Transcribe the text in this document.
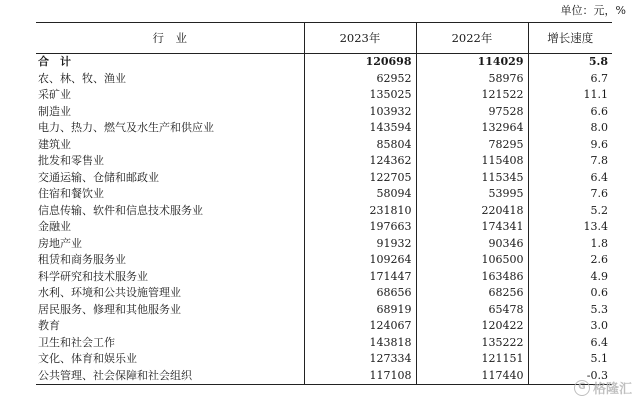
单位：元，%
行　业	2023年	2022年	增长速度
合　计	120698	114029	5.8
农、林、牧、渔业	62952	58976	6.7
采矿业	135025	121522	11.1
制造业	103932	97528	6.6
电力、热力、燃气及水生产和供应业	143594	132964	8.0
建筑业	85804	78295	9.6
批发和零售业	124362	115408	7.8
交通运输、仓储和邮政业	122705	115345	6.4
住宿和餐饮业	58094	53995	7.6
信息传输、软件和信息技术服务业	231810	220418	5.2
金融业	197663	174341	13.4
房地产业	91932	90346	1.8
租赁和商务服务业	109264	106500	2.6
科学研究和技术服务业	171447	163486	4.9
水利、环境和公共设施管理业	68656	68256	0.6
居民服务、修理和其他服务业	68919	65478	5.3
教育	124067	120422	3.0
卫生和社会工作	143818	135222	6.4
文化、体育和娱乐业	127334	121151	5.1
公共管理、社会保障和社会组织	117108	117440	-0.3
G 格隆汇
